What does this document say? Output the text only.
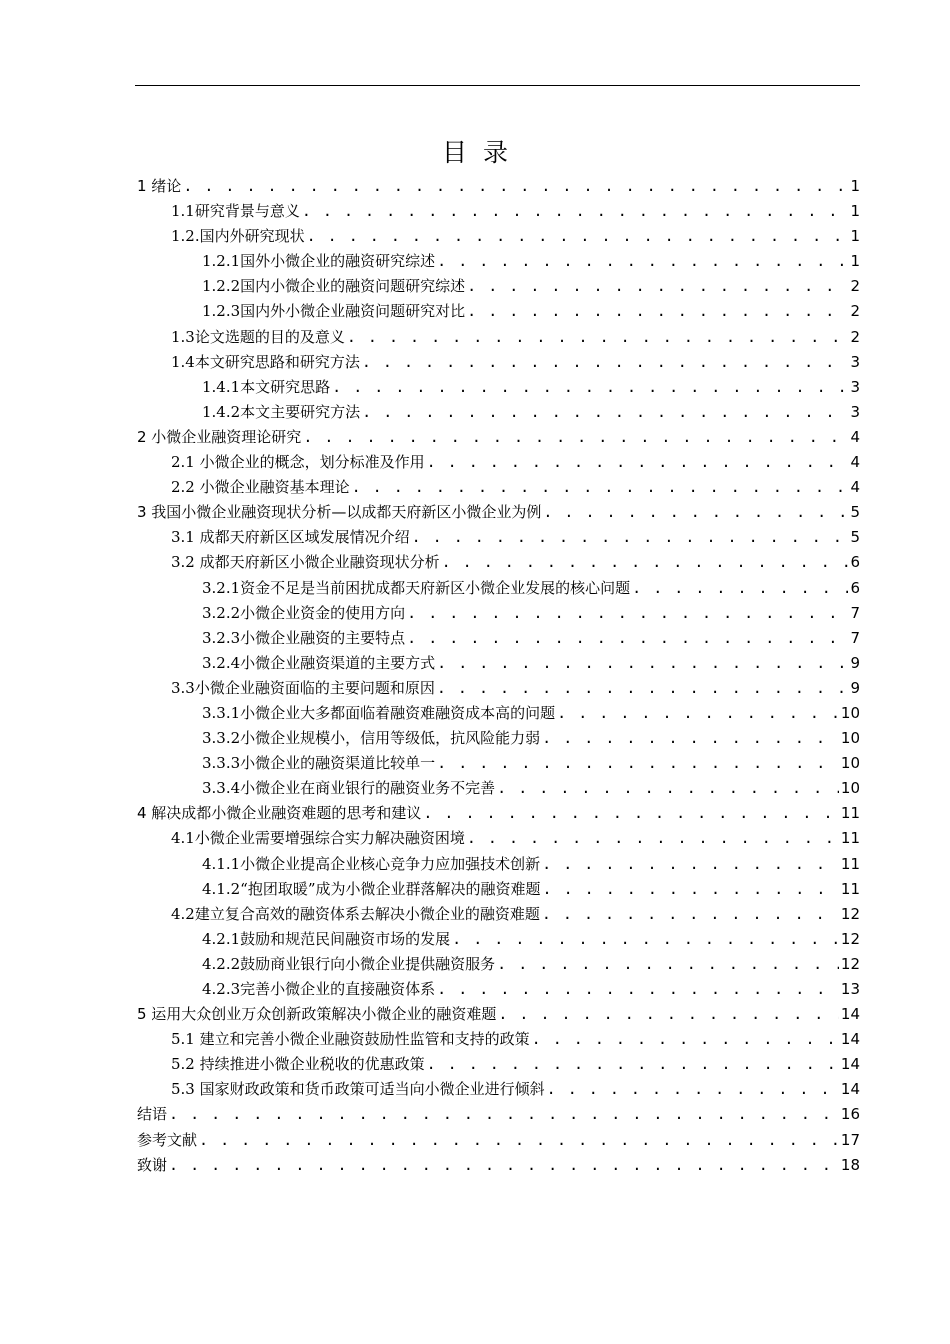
目录
1 绪论 . . .	1
1.1研究背景与意义 . . .	1
1.2.国内外研究现状 . . .	1
1.2.1国外小微企业的融资研究综述 . . .	1
1.2.2国内小微企业的融资问题研究综述 . . .	2
1.2.3国内外小微企业融资问题研究对比 . . .	2
1.3论文选题的目的及意义 . . .	2
1.4本文研究思路和研究方法 . . .	3
1.4.1本文研究思路 . . .	3
1.4.2本文主要研究方法 . . .	3
2 小微企业融资理论研究 . . .	4
2.1 小微企业的概念，划分标准及作用 . . .	4
2.2 小微企业融资基本理论 . . .	4
3 我国小微企业融资现状分析—以成都天府新区小微企业为例 . . .	5
3.1 成都天府新区区域发展情况介绍 . . .	5
3.2 成都天府新区小微企业融资现状分析 . . .	6
3.2.1资金不足是当前困扰成都天府新区小微企业发展的核心问题 . . .	6
3.2.2小微企业资金的使用方向 . . .	7
3.2.3小微企业融资的主要特点 . . .	7
3.2.4小微企业融资渠道的主要方式 . . .	9
3.3小微企业融资面临的主要问题和原因 . . .	9
3.3.1小微企业大多都面临着融资难融资成本高的问题 . . .	10
3.3.2小微企业规模小，信用等级低，抗风险能力弱 . . .	10
3.3.3小微企业的融资渠道比较单一 . . .	10
3.3.4小微企业在商业银行的融资业务不完善 . . .	10
4 解决成都小微企业融资难题的思考和建议 . . .	11
4.1小微企业需要增强综合实力解决融资困境 . . .	11
4.1.1小微企业提高企业核心竞争力应加强技术创新 . . .	11
4.1.2“抱团取暖”成为小微企业群落解决的融资难题 . . .	11
4.2建立复合高效的融资体系去解决小微企业的融资难题 . . .	12
4.2.1鼓励和规范民间融资市场的发展 . . .	12
4.2.2鼓励商业银行向小微企业提供融资服务 . . .	12
4.2.3完善小微企业的直接融资体系 . . .	13
5 运用大众创业万众创新政策解决小微企业的融资难题 . . .	14
5.1 建立和完善小微企业融资鼓励性监管和支持的政策 . . .	14
5.2 持续推进小微企业税收的优惠政策 . . .	14
5.3 国家财政政策和货币政策可适当向小微企业进行倾斜 . . .	14
结语 . . .	16
参考文献 . . .	17
致谢 . . .	18
